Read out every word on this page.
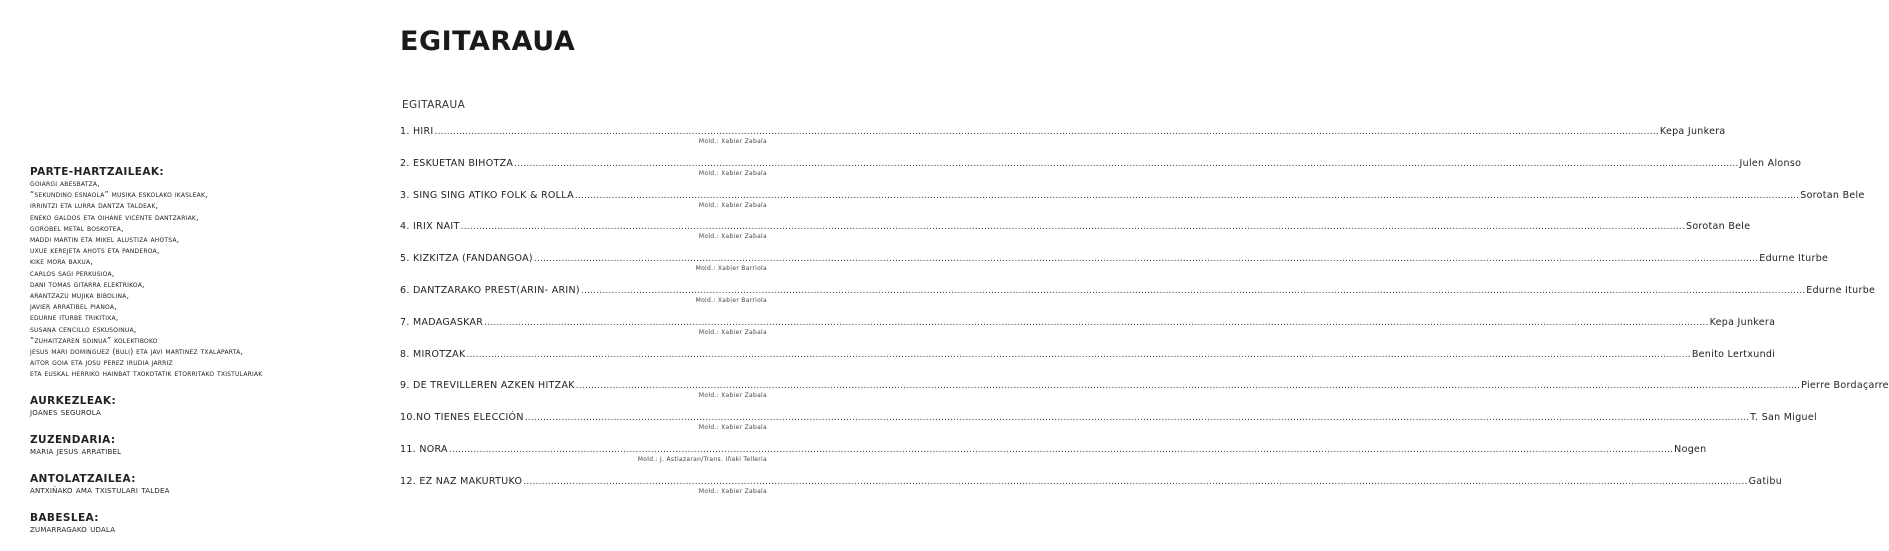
PARTE-HARTZAILEAK:
goiargi abesbatza,
“sekundino esnaola” musika eskolako ikasleak,
irrintzi eta lurra dantza taldeak,
eneko galdos eta oihane vicente dantzariak,
gorobel metal boskotea,
maddi martin eta mikel alustiza ahotsa,
uxue kerejeta ahots eta panderoa,
kike mora baxua,
carlos sagi perkusioa,
dani tomas gitarra elektrikoa,
arantzazu mujika bibolina,
javier arratibel pianoa,
edurne iturbe trikitixa,
susana cencillo eskusoinua,
“zuhaitzaren soinua” kolektiboko
jesus mari dominguez (buli) eta javi martinez txalaparta,
aitor goia eta josu perez irudia jarriz
eta euskal herriko hainbat txokotatik etorritako txistulariak
AURKEZLEAK:
joanes segurola
ZUZENDARIA:
maria jesus arratibel
ANTOLATZAILEA:
antxiñako ama txistulari taldea
BABESLEA:
zumarragako udala
EGITARAUA
EGITARAUA
1. HIRI ................................................................................................................................................................................................................................................................................................................................................................................................................ Kepa Junkera
Mold.: Xabier Zabala
2. ESKUETAN BIHOTZA ................................................................................................................................................................................................................................................................................................................................................................................................................ Julen Alonso
Mold.: Xabier Zabala
3. SING SING ATIKO FOLK & ROLLA ................................................................................................................................................................................................................................................................................................................................................................................................................ Sorotan Bele
Mold.: Xabier Zabala
4. IRIX NAIT ................................................................................................................................................................................................................................................................................................................................................................................................................ Sorotan Bele
Mold.: Xabier Zabala
5. KIZKITZA (FANDANGOA) ................................................................................................................................................................................................................................................................................................................................................................................................................ Edurne Iturbe
Mold.: Xabier Barriola
6. DANTZARAKO PREST(ARIN- ARIN) ................................................................................................................................................................................................................................................................................................................................................................................................................ Edurne Iturbe
Mold.: Xabier Barriola
7. MADAGASKAR ................................................................................................................................................................................................................................................................................................................................................................................................................ Kepa Junkera
Mold.: Xabier Zabala
8. MIROTZAK ................................................................................................................................................................................................................................................................................................................................................................................................................ Benito Lertxundi
9. DE TREVILLEREN AZKEN HITZAK ................................................................................................................................................................................................................................................................................................................................................................................................................ Pierre Bordaçarre
Mold.: Xabier Zabala
10.NO TIENES ELECCIÓN ................................................................................................................................................................................................................................................................................................................................................................................................................ T. San Miguel
Mold.: Xabier Zabala
11. NORA ................................................................................................................................................................................................................................................................................................................................................................................................................ Nogen
Mold.: J. Astiazaran/Trans. Iñaki Telleria
12. EZ NAZ MAKURTUKO ................................................................................................................................................................................................................................................................................................................................................................................................................ Gatibu
Mold.: Xabier Zabala
